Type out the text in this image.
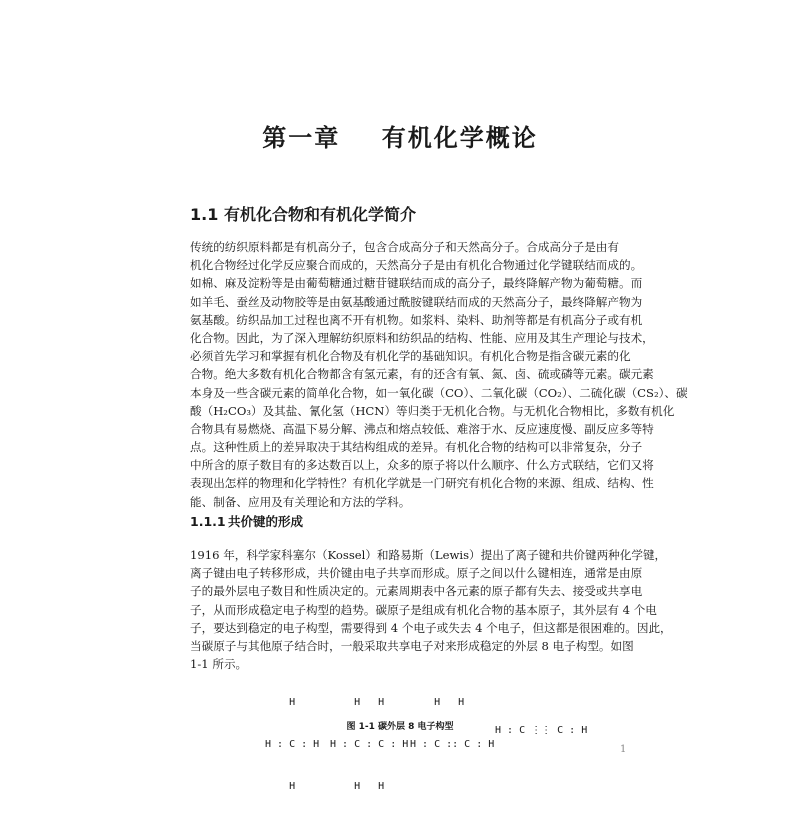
第一章    有机化学概论
1.1 有机化合物和有机化学简介
传统的纺织原料都是有机高分子，包含合成高分子和天然高分子。合成高分子是由有
机化合物经过化学反应聚合而成的，天然高分子是由有机化合物通过化学键联结而成的。
如棉、麻及淀粉等是由葡萄糖通过糖苷键联结而成的高分子，最终降解产物为葡萄糖。而
如羊毛、蚕丝及动物胶等是由氨基酸通过酰胺键联结而成的天然高分子，最终降解产物为
氨基酸。纺织品加工过程也离不开有机物。如浆料、染料、助剂等都是有机高分子或有机
化合物。因此，为了深入理解纺织原料和纺织品的结构、性能、应用及其生产理论与技术，
必须首先学习和掌握有机化合物及有机化学的基础知识。有机化合物是指含碳元素的化
合物。绝大多数有机化合物都含有氢元素，有的还含有氧、氮、卤、硫或磷等元素。碳元素
本身及一些含碳元素的简单化合物，如一氧化碳（CO）、二氧化碳（CO₂）、二硫化碳（CS₂）、碳
酸（H₂CO₃）及其盐、氰化氢（HCN）等归类于无机化合物。与无机化合物相比，多数有机化
合物具有易燃烧、高温下易分解、沸点和熔点较低、难溶于水、反应速度慢、副反应多等特
点。这种性质上的差异取决于其结构组成的差异。有机化合物的结构可以非常复杂，分子
中所含的原子数目有的多达数百以上，众多的原子将以什么顺序、什么方式联结，它们又将
表现出怎样的物理和化学特性？有机化学就是一门研究有机化合物的来源、组成、结构、性
能、制备、应用及有关理论和方法的学科。
1.1.1 共价键的形成
1916 年，科学家科塞尔（Kossel）和路易斯（Lewis）提出了离子键和共价键两种化学键，
离子键由电子转移形成，共价键由电子共享而形成。原子之间以什么键相连，通常是由原
子的最外层电子数目和性质决定的。元素周期表中各元素的原子都有失去、接受或共享电
子，从而形成稳定电子构型的趋势。碳原子是组成有机化合物的基本原子，其外层有 4 个电
子，要达到稳定的电子构型，需要得到 4 个电子或失去 4 个电子，但这都是很困难的。因此，
当碳原子与其他原子结合时，一般采取共享电子对来形成稳定的外层 8 电子构型。如图
1-1 所示。

H

H : C : H

H

H   H

H : C : C : H

H   H

H   H

H : C :: C : H

H : C ⋮⋮ C : H

图 1-1 碳外层 8 电子构型
1
